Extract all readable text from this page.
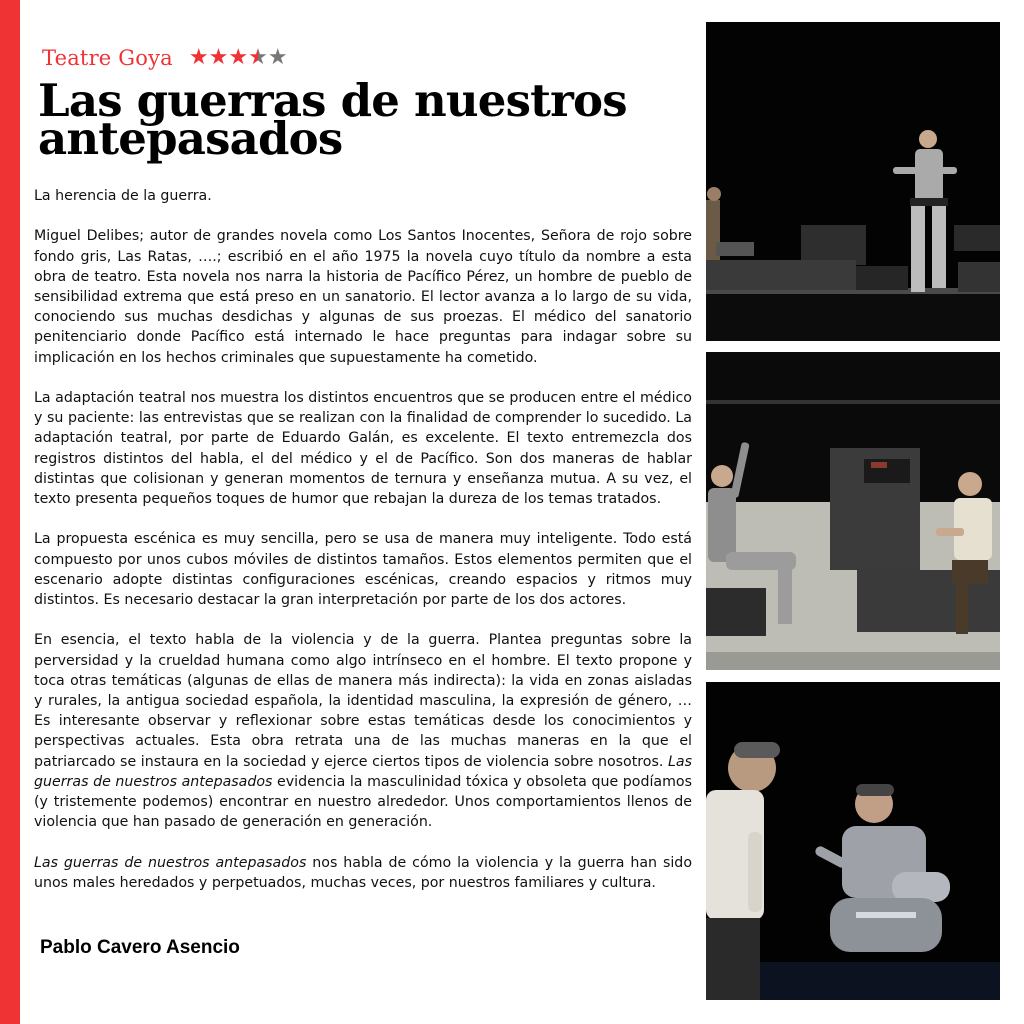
Teatre Goya ★ ★ ★ ★ ★
Las guerras de nuestros antepasados

La herencia de la guerra.

Miguel Delibes; autor de grandes novela como Los Santos Inocentes, Señora de rojo sobre fondo gris, Las Ratas, ….; escribió en el año 1975 la novela cuyo título da nombre a esta obra de teatro. Esta novela nos narra la historia de Pacífico Pérez, un hombre de pueblo de sensibilidad extrema que está preso en un sanatorio. El lector avanza a lo largo de su vida, conociendo sus muchas desdichas y algunas de sus proezas. El médico del sanatorio penitenciario donde Pacífico está internado le hace preguntas para indagar sobre su implicación en los hechos criminales que supuestamente ha cometido.

La adaptación teatral nos muestra los distintos encuentros que se producen entre el médico y su paciente: las entrevistas que se realizan con la finalidad de comprender lo sucedido. La adaptación teatral, por parte de Eduardo Galán, es excelente. El texto entremezcla dos registros distintos del habla, el del médico y el de Pacífico. Son dos maneras de hablar distintas que colisionan y generan momentos de ternura y enseñanza mutua. A su vez, el texto presenta pequeños toques de humor que rebajan la dureza de los temas tratados.

La propuesta escénica es muy sencilla, pero se usa de manera muy inteligente. Todo está compuesto por unos cubos móviles de distintos tamaños. Estos elementos permiten que el escenario adopte distintas configuraciones escénicas, creando espacios y ritmos muy distintos. Es necesario destacar la gran interpretación por parte de los dos actores.

En esencia, el texto habla de la violencia y de la guerra. Plantea preguntas sobre la perversidad y la crueldad humana como algo intrínseco en el hombre. El texto propone y toca otras temáticas (algunas de ellas de manera más indirecta): la vida en zonas aisladas y rurales, la antigua sociedad española, la identidad masculina, la expresión de género, … Es interesante observar y reflexionar sobre estas temáticas desde los conocimientos y perspectivas actuales. Esta obra retrata una de las muchas maneras en la que el patriarcado se instaura en la sociedad y ejerce ciertos tipos de violencia sobre nosotros. Las guerras de nuestros antepasados evidencia la masculinidad tóxica y obsoleta que podíamos (y tristemente podemos) encontrar en nuestro alrededor. Unos comportamientos llenos de violencia que han pasado de generación en generación.

Las guerras de nuestros antepasados nos habla de cómo la violencia y la guerra han sido unos males heredados y perpetuados, muchas veces, por nuestros familiares y cultura.

Pablo Cavero Asencio
